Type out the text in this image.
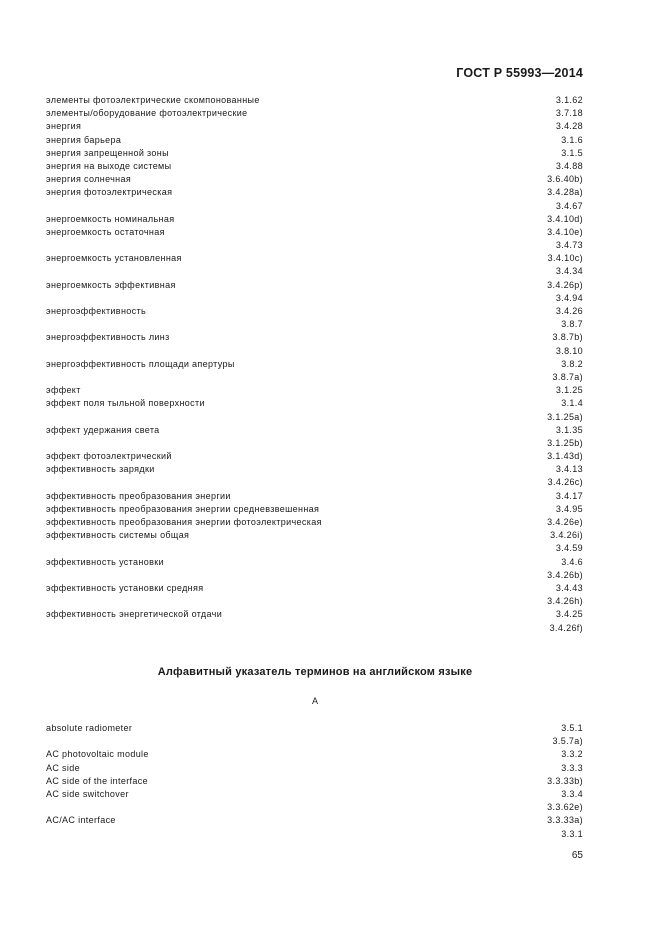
ГОСТ Р 55993—2014
элементы фотоэлектрические скомпонованные	3.1.62
элементы/оборудование фотоэлектрические	3.7.18
энергия	3.4.28
энергия барьера	3.1.6
энергия запрещенной зоны	3.1.5
энергия на выходе системы	3.4.88
энергия солнечная	3.6.40b)
энергия фотоэлектрическая	3.4.28a)
3.4.67
энергоемкость номинальная	3.4.10d)
энергоемкость остаточная	3.4.10e)
3.4.73
энергоемкость установленная	3.4.10c)
3.4.34
энергоемкость эффективная	3.4.26p)
3.4.94
энергоэффективность	3.4.26
3.8.7
энергоэффективность линз	3.8.7b)
3.8.10
энергоэффективность площади апертуры	3.8.2
3.8.7a)
эффект	3.1.25
эффект поля тыльной поверхности	3.1.4
3.1.25a)
эффект удержания света	3.1.35
3.1.25b)
эффект фотоэлектрический	3.1.43d)
эффективность зарядки	3.4.13
3.4.26c)
эффективность преобразования энергии	3.4.17
эффективность преобразования энергии средневзвешенная	3.4.95
эффективность преобразования энергии фотоэлектрическая	3.4.26e)
эффективность системы общая	3.4.26i)
3.4.59
эффективность установки	3.4.6
3.4.26b)
эффективность установки средняя	3.4.43
3.4.26h)
эффективность энергетической отдачи	3.4.25
3.4.26f)
Алфавитный указатель терминов на английском языке
A
absolute radiometer	3.5.1
3.5.7a)
AC photovoltaic module	3.3.2
AC side	3.3.3
AC side of the interface	3.3.33b)
AC side switchover	3.3.4
3.3.62e)
AC/AC interface	3.3.33a)
3.3.1
65
